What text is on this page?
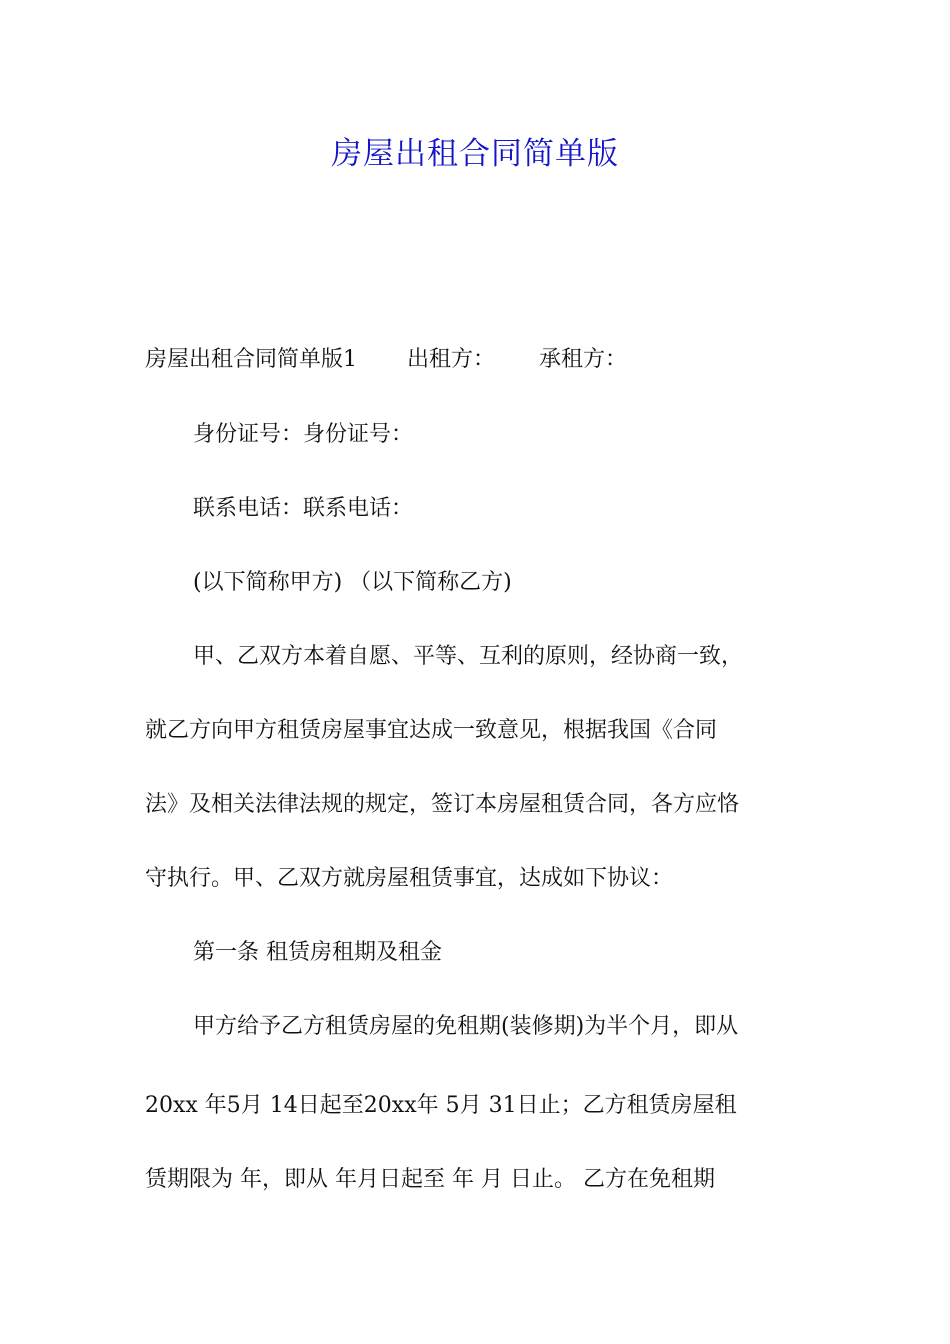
房屋出租合同简单版
房屋出租合同简单版1 出租方： 承租方：
身份证号：身份证号：
联系电话：联系电话：
(以下简称甲方) （以下简称乙方)
甲、乙双方本着自愿、平等、互利的原则，经协商一致，
就乙方向甲方租赁房屋事宜达成一致意见，根据我国《合同
法》及相关法律法规的规定，签订本房屋租赁合同，各方应恪
守执行。甲、乙双方就房屋租赁事宜，达成如下协议：
第一条 租赁房租期及租金
甲方给予乙方租赁房屋的免租期(装修期)为半个月，即从
20xx 年5月 14日起至20xx年 5月 31日止；乙方租赁房屋租
赁期限为 年，即从 年月日起至 年 月 日止。 乙方在免租期
